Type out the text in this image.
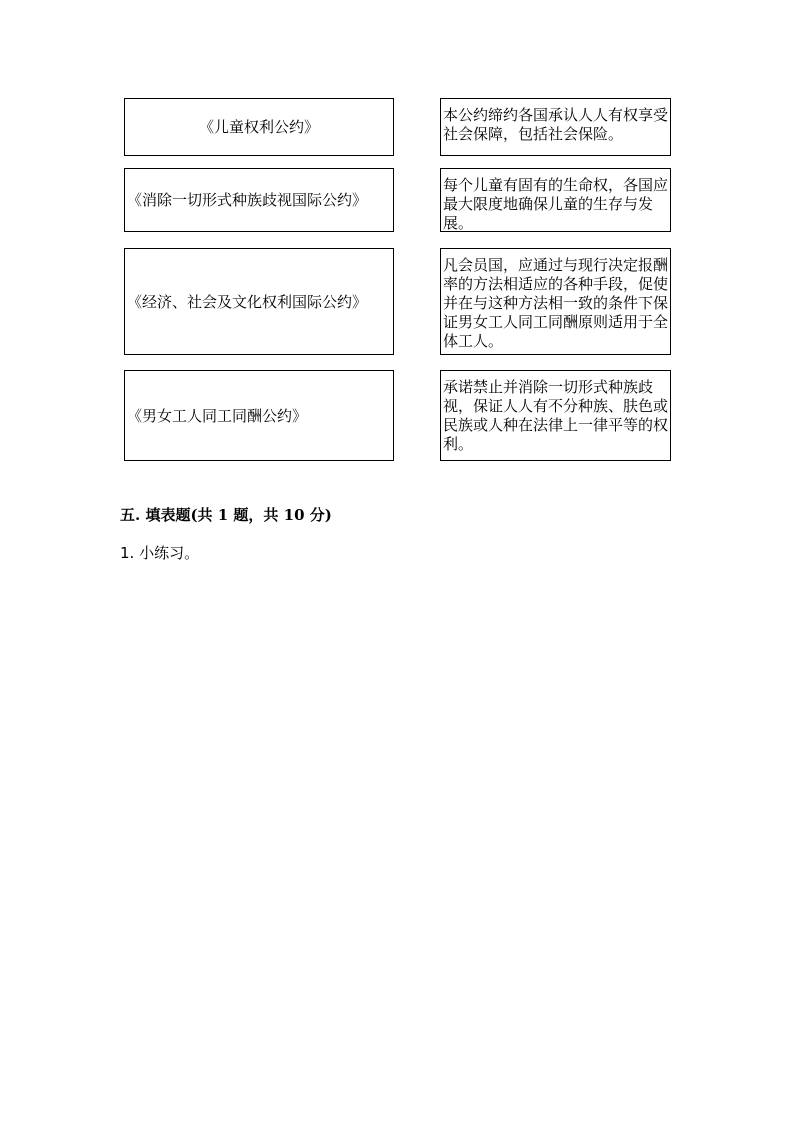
《儿童权利公约》
《消除一切形式种族歧视国际公约》
《经济、社会及文化权利国际公约》
《男女工人同工同酬公约》
本公约缔约各国承认人人有权享受社会保障，包括社会保险。
每个儿童有固有的生命权，各国应最大限度地确保儿童的生存与发展。
凡会员国，应通过与现行决定报酬率的方法相适应的各种手段，促使并在与这种方法相一致的条件下保证男女工人同工同酬原则适用于全体工人。
承诺禁止并消除一切形式种族歧视，保证人人有不分种族、肤色或民族或人种在法律上一律平等的权利。
五. 填表题(共 1 题，共 10 分)
1. 小练习。
